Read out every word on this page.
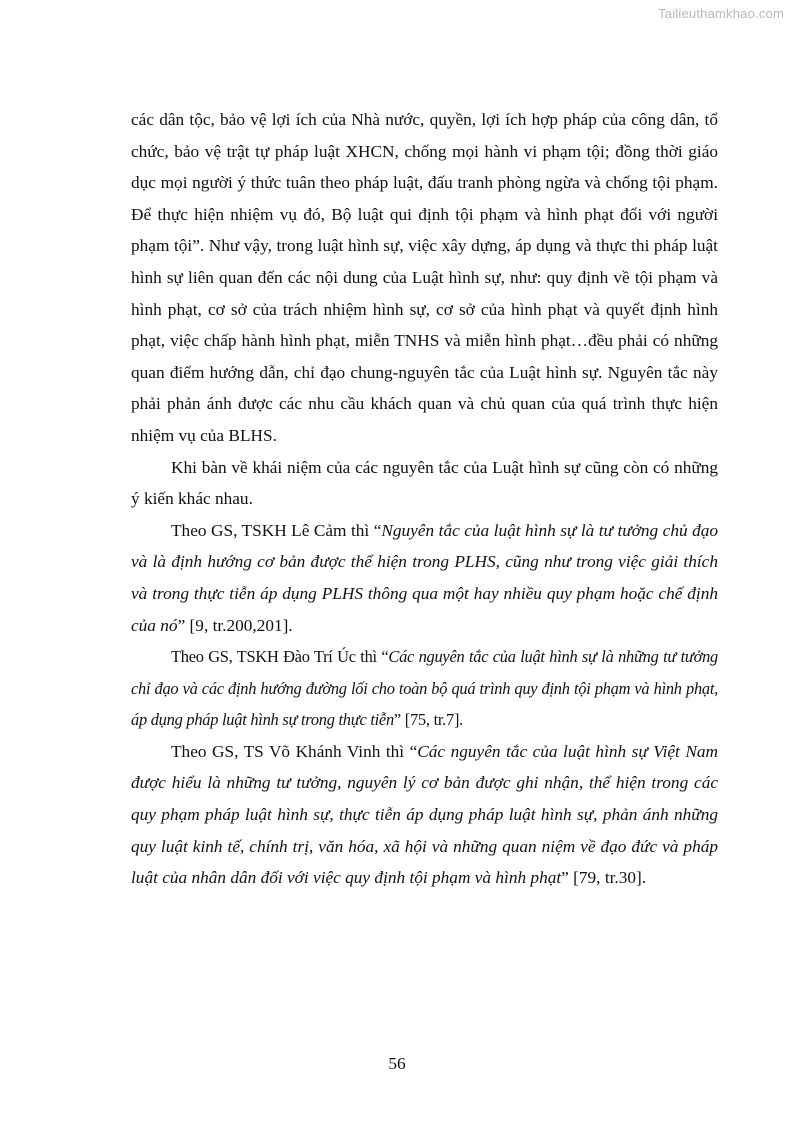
Tailieuthamkhao.com

các dân tộc, bảo vệ lợi ích của Nhà nước, quyền, lợi ích hợp pháp của công dân, tổ chức, bảo vệ trật tự pháp luật XHCN, chống mọi hành vi phạm tội; đồng thời giáo dục mọi người ý thức tuân theo pháp luật, đấu tranh phòng ngừa và chống tội phạm. Để thực hiện nhiệm vụ đó, Bộ luật qui định tội phạm và hình phạt đối với người phạm tội”. Như vậy, trong luật hình sự, việc xây dựng, áp dụng và thực thi pháp luật hình sự liên quan đến các nội dung của Luật hình sự, như: quy định về tội phạm và hình phạt, cơ sở của trách nhiệm hình sự, cơ sở của hình phạt và quyết định hình phạt, việc chấp hành hình phạt, miễn TNHS và miễn hình phạt…đều phải có những quan điểm hướng dẫn, chỉ đạo chung-nguyên tắc của Luật hình sự. Nguyên tắc này phải phản ánh được các nhu cầu khách quan và chủ quan của quá trình thực hiện nhiệm vụ của BLHS.

Khi bàn về khái niệm của các nguyên tắc của Luật hình sự cũng còn có những ý kiến khác nhau.

Theo GS, TSKH Lê Cảm thì “Nguyên tắc của luật hình sự là tư tưởng chủ đạo và là định hướng cơ bản được thể hiện trong PLHS, cũng như trong việc giải thích và trong thực tiễn áp dụng PLHS thông qua một hay nhiều quy phạm hoặc chế định của nó” [9, tr.200,201].

Theo GS, TSKH Đào Trí Úc thì “Các nguyên tắc của luật hình sự là những tư tưởng chỉ đạo và các định hướng đường lối cho toàn bộ quá trình quy định tội phạm và hình phạt, áp dụng pháp luật hình sự trong thực tiễn” [75, tr.7].

Theo GS, TS Võ Khánh Vinh thì “Các nguyên tắc của luật hình sự Việt Nam được hiểu là những tư tưởng, nguyên lý cơ bản được ghi nhận, thể hiện trong các quy phạm pháp luật hình sự, thực tiễn áp dụng pháp luật hình sự, phản ánh những quy luật kinh tế, chính trị, văn hóa, xã hội và những quan niệm về đạo đức và pháp luật của nhân dân đối với việc quy định tội phạm và hình phạt” [79, tr.30].

56
